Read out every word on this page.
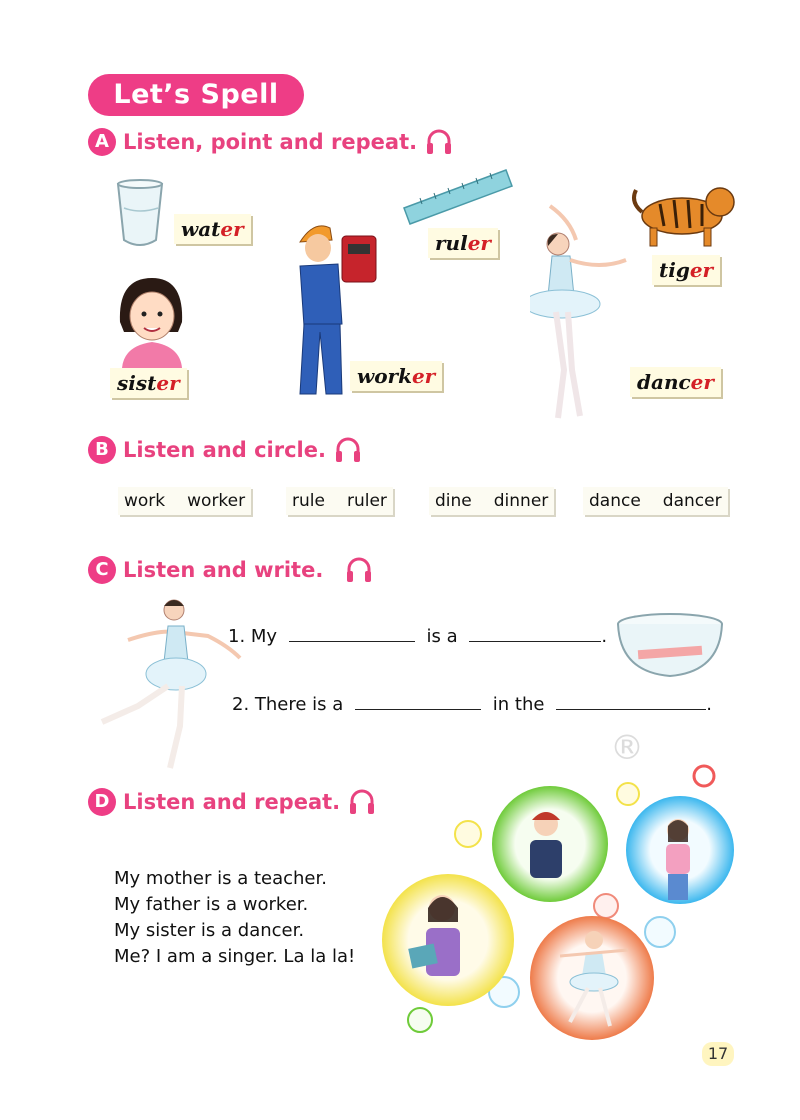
Let’s Spell
A Listen, point and repeat.
water
ruler
tiger
sister	worker	dancer
B Listen and circle.
work worker	rule ruler	dine dinner dance dancer
C Listen and write.
1. My	is a	.
2. There is a	in the	.
®
D Listen and repeat.
My mother is a teacher.
My father is a worker.
My sister is a dancer.
Me? I am a singer. La la la!
17
